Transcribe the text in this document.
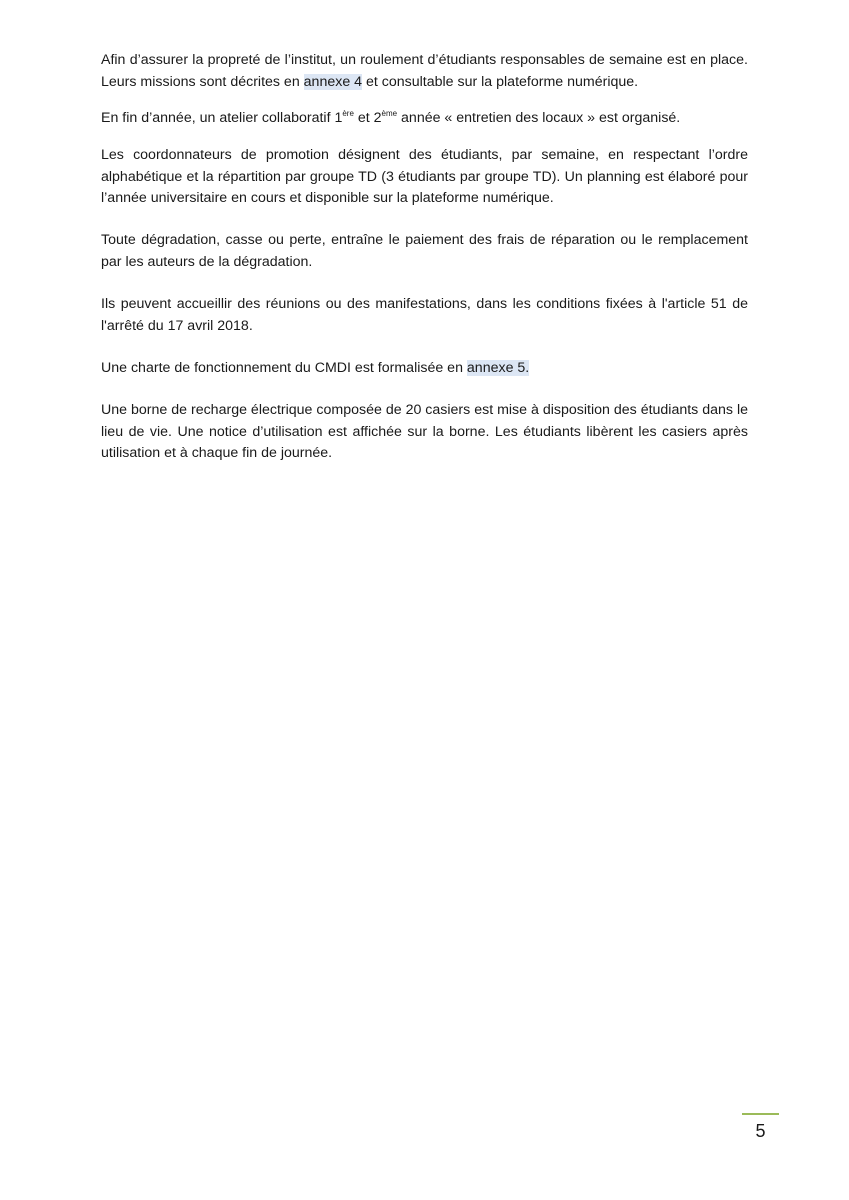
Afin d’assurer la propreté de l’institut, un roulement d’étudiants responsables de semaine est en place. Leurs missions sont décrites en annexe 4 et consultable sur la plateforme numérique.

En fin d’année, un atelier collaboratif 1ère et 2ème année « entretien des locaux » est organisé.

Les coordonnateurs de promotion désignent des étudiants, par semaine, en respectant l’ordre alphabétique et la répartition par groupe TD (3 étudiants par groupe TD). Un planning est élaboré pour l’année universitaire en cours et disponible sur la plateforme numérique.

Toute dégradation, casse ou perte, entraîne le paiement des frais de réparation ou le remplacement par les auteurs de la dégradation.

Ils peuvent accueillir des réunions ou des manifestations, dans les conditions fixées à l'article 51 de l'arrêté du 17 avril 2018.

Une charte de fonctionnement du CMDI est formalisée en annexe 5.

Une borne de recharge électrique composée de 20 casiers est mise à disposition des étudiants dans le lieu de vie. Une notice d’utilisation est affichée sur la borne. Les étudiants libèrent les casiers après utilisation et à chaque fin de journée.

5
